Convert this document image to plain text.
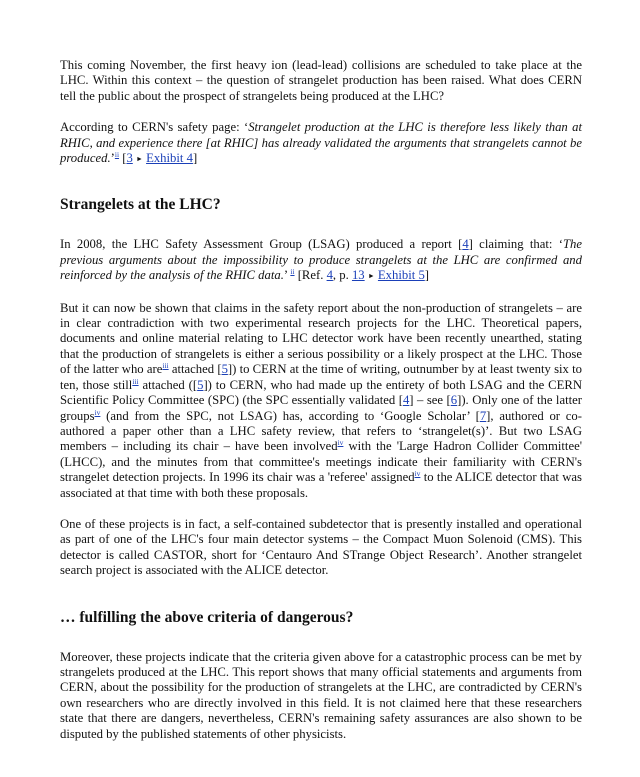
This coming November, the first heavy ion (lead-lead) collisions are scheduled to take place at the LHC. Within this context – the question of strangelet production has been raised. What does CERN tell the public about the prospect of strangelets being produced at the LHC?

According to CERN's safety page: ‘Strangelet production at the LHC is therefore less likely than at RHIC, and experience there [at RHIC] has already validated the arguments that strangelets cannot be produced.’$^{ii}$ [3 ► Exhibit 4]

Strangelets at the LHC?

In 2008, the LHC Safety Assessment Group (LSAG) produced a report [4] claiming that: ‘The previous arguments about the impossibility to produce strangelets at the LHC are confirmed and reinforced by the analysis of the RHIC data.’ $^{ii}$ [Ref. 4, p. 13 ► Exhibit 5]

But it can now be shown that claims in the safety report about the non-production of strangelets – are in clear contradiction with two experimental research projects for the LHC. Theoretical papers, documents and online material relating to LHC detector work have been recently unearthed, stating that the production of strangelets is either a serious possibility or a likely prospect at the LHC. Those of the latter who are$^{iii}$ attached [5]) to CERN at the time of writing, outnumber by at least twenty six to ten, those still$^{iii}$ attached ([5]) to CERN, who had made up the entirety of both LSAG and the CERN Scientific Policy Committee (SPC) (the SPC essentially validated [4] – see [6]). Only one of the latter groups$^{iv}$ (and from the SPC, not LSAG) has, according to ‘Google Scholar’ [7], authored or co-authored a paper other than a LHC safety review, that refers to ‘strangelet(s)’. But two LSAG members – including its chair – have been involved$^{iv}$ with the 'Large Hadron Collider Committee' (LHCC), and the minutes from that committee's meetings indicate their familiarity with CERN's strangelet detection projects. In 1996 its chair was a 'referee' assigned$^{iv}$ to the ALICE detector that was associated at that time with both these proposals.

One of these projects is in fact, a self-contained subdetector that is presently installed and operational as part of one of the LHC's four main detector systems – the Compact Muon Solenoid (CMS). This detector is called CASTOR, short for ‘Centauro And STrange Object Research’. Another strangelet search project is associated with the ALICE detector.

… fulfilling the above criteria of dangerous?

Moreover, these projects indicate that the criteria given above for a catastrophic process can be met by strangelets produced at the LHC. This report shows that many official statements and arguments from CERN, about the possibility for the production of strangelets at the LHC, are contradicted by CERN's own researchers who are directly involved in this field. It is not claimed here that these researchers state that there are dangers, nevertheless, CERN's remaining safety assurances are also shown to be disputed by the published statements of other physicists.
